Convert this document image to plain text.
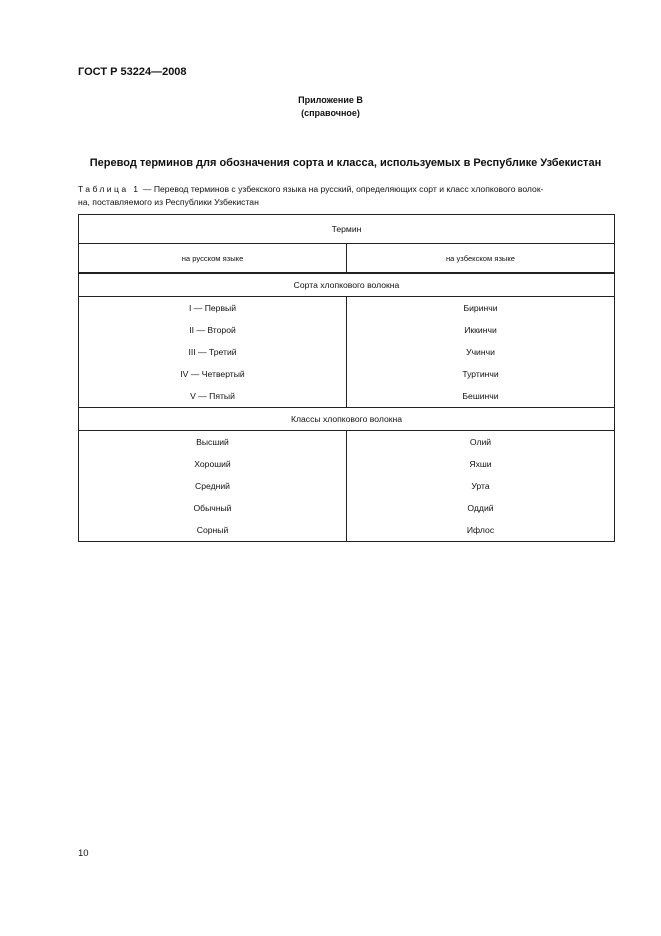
ГОСТ Р 53224—2008
Приложение В
(справочное)
Перевод терминов для обозначения сорта и класса, используемых в Республике Узбекистан
Таблица 1 — Перевод терминов с узбекского языка на русский, определяющих сорт и класс хлопкового волок-
на, поставляемого из Республики Узбекистан
Термин	
на русском языке	на узбекском языке
Сорта хлопкового волокна	
I — Первый	Биринчи
II — Второй	Иккинчи
III — Третий	Учинчи
IV — Четвертый	Туртинчи
V — Пятый	Бешинчи
Классы хлопкового волокна	
Высший	Олий
Хороший	Яхши
Средний	Урта
Обычный	Оддий
Сорный	Ифлос
10
